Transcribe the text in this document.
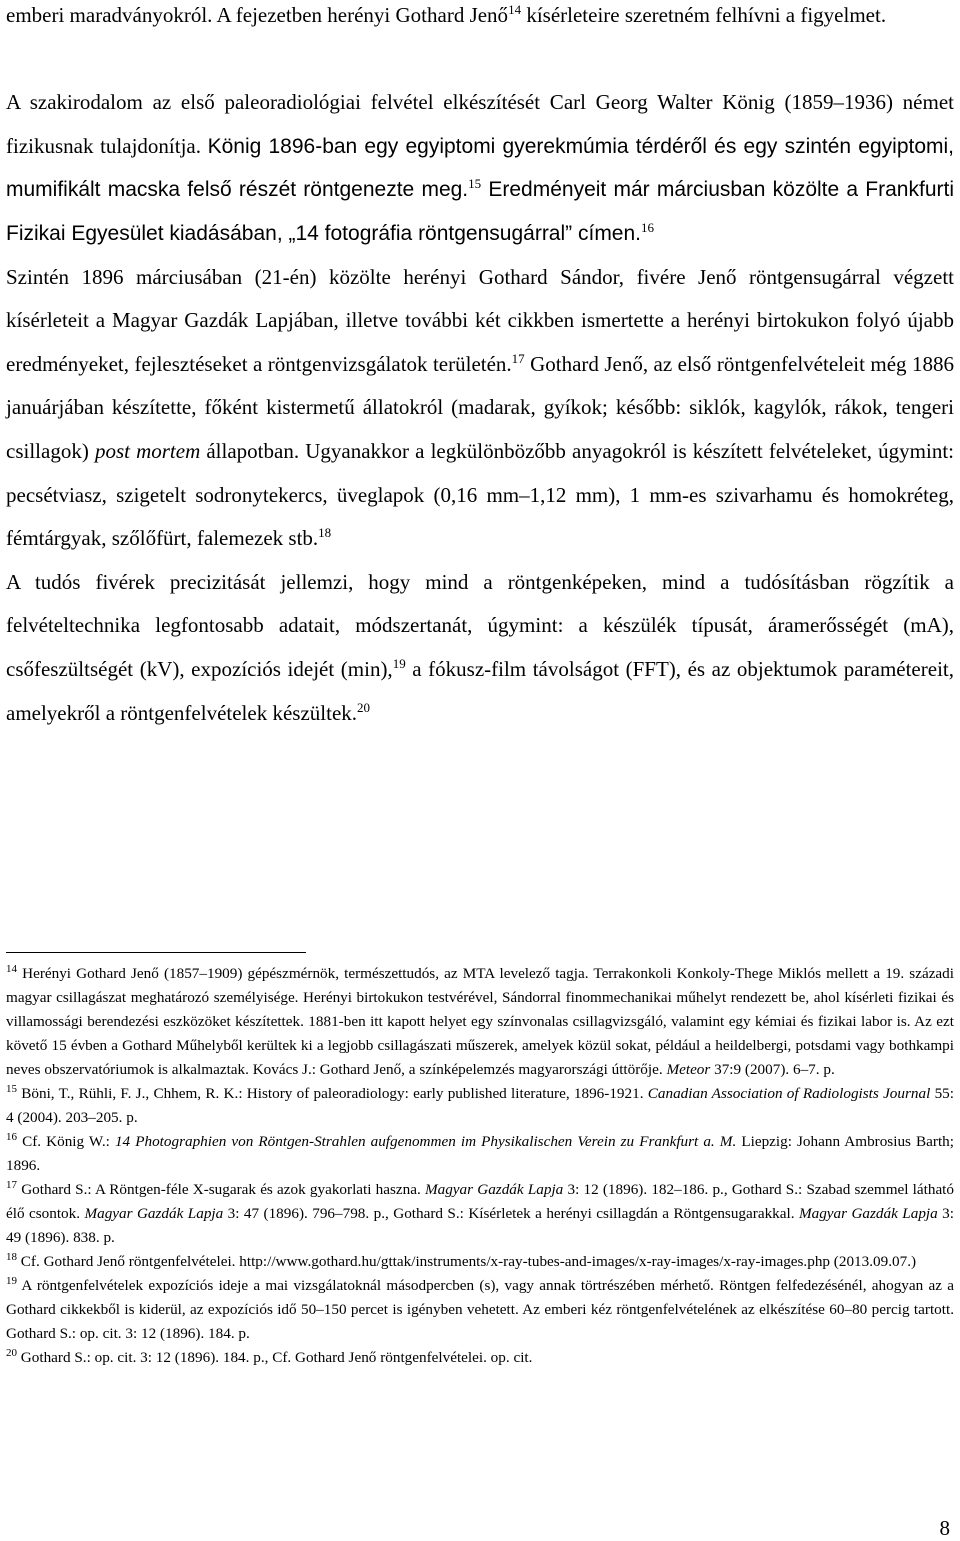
emberi maradványokról. A fejezetben herényi Gothard Jenő$^{14}$ kísérleteire szeretném felhívni a figyelmet.

A szakirodalom az első paleoradiológiai felvétel elkészítését Carl Georg Walter König (1859–1936) német fizikusnak tulajdonítja. König 1896-ban egy egyiptomi gyerekmúmia térdéről és egy szintén egyiptomi, mumifikált macska felső részét röntgenezte meg.$^{15}$ Eredményeit már márciusban közölte a Frankfurti Fizikai Egyesület kiadásában, „14 fotográfia röntgensugárral” címen.$^{16}$

Szintén 1896 márciusában (21-én) közölte herényi Gothard Sándor, fivére Jenő röntgensugárral végzett kísérleteit a Magyar Gazdák Lapjában, illetve további két cikkben ismertette a herényi birtokukon folyó újabb eredményeket, fejlesztéseket a röntgenvizsgálatok területén.$^{17}$ Gothard Jenő, az első röntgenfelvételeit még 1886 januárjában készítette, főként kistermetű állatokról (madarak, gyíkok; később: siklók, kagylók, rákok, tengeri csillagok) post mortem állapotban. Ugyanakkor a legkülönbözőbb anyagokról is készített felvételeket, úgymint: pecsétviasz, szigetelt sodronytekercs, üveglapok (0,16 mm–1,12 mm), 1 mm-es szivarhamu és homokréteg, fémtárgyak, szőlőfürt, falemezek stb.$^{18}$

A tudós fivérek precizitását jellemzi, hogy mind a röntgenképeken, mind a tudósításban rögzítik a felvételtechnika legfontosabb adatait, módszertanát, úgymint: a készülék típusát, áramerősségét (mA), csőfeszültségét (kV), expozíciós idejét (min),$^{19}$ a fókusz-film távolságot (FFT), és az objektumok paramétereit, amelyekről a röntgenfelvételek készültek.$^{20}$

$^{14}$ Herényi Gothard Jenő (1857–1909) gépészmérnök, természettudós, az MTA levelező tagja. Terrakonkoli Konkoly-Thege Miklós mellett a 19. századi magyar csillagászat meghatározó személyisége. Herényi birtokukon testvérével, Sándorral finommechanikai műhelyt rendezett be, ahol kísérleti fizikai és villamossági berendezési eszközöket készítettek. 1881-ben itt kapott helyet egy színvonalas csillagvizsgáló, valamint egy kémiai és fizikai labor is. Az ezt követő 15 évben a Gothard Műhelyből kerültek ki a legjobb csillagászati műszerek, amelyek közül sokat, például a heildelbergi, potsdami vagy bothkampi neves obszervatóriumok is alkalmaztak. Kovács J.: Gothard Jenő, a színképelemzés magyarországi úttörője. Meteor 37:9 (2007). 6–7. p.

$^{15}$ Böni, T., Rühli, F. J., Chhem, R. K.: History of paleoradiology: early published literature, 1896-1921. Canadian Association of Radiologists Journal 55: 4 (2004). 203–205. p.

$^{16}$ Cf. König W.: 14 Photographien von Röntgen-Strahlen aufgenommen im Physikalischen Verein zu Frankfurt a. M. Liepzig: Johann Ambrosius Barth; 1896.

$^{17}$ Gothard S.: A Röntgen-féle X-sugarak és azok gyakorlati haszna. Magyar Gazdák Lapja 3: 12 (1896). 182–186. p., Gothard S.: Szabad szemmel látható élő csontok. Magyar Gazdák Lapja 3: 47 (1896). 796–798. p., Gothard S.: Kísérletek a herényi csillagdán a Röntgensugarakkal. Magyar Gazdák Lapja 3: 49 (1896). 838. p.

$^{18}$ Cf. Gothard Jenő röntgenfelvételei. http://www.gothard.hu/gttak/instruments/x-ray-tubes-and-images/x-ray-images/x-ray-images.php (2013.09.07.)

$^{19}$ A röntgenfelvételek expozíciós ideje a mai vizsgálatoknál másodpercben (s), vagy annak törtrészében mérhető. Röntgen felfedezésénél, ahogyan az a Gothard cikkekből is kiderül, az expozíciós idő 50–150 percet is igényben vehetett. Az emberi kéz röntgenfelvételének az elkészítése 60–80 percig tartott. Gothard S.: op. cit. 3: 12 (1896). 184. p.

$^{20}$ Gothard S.: op. cit. 3: 12 (1896). 184. p., Cf. Gothard Jenő röntgenfelvételei. op. cit.

8
